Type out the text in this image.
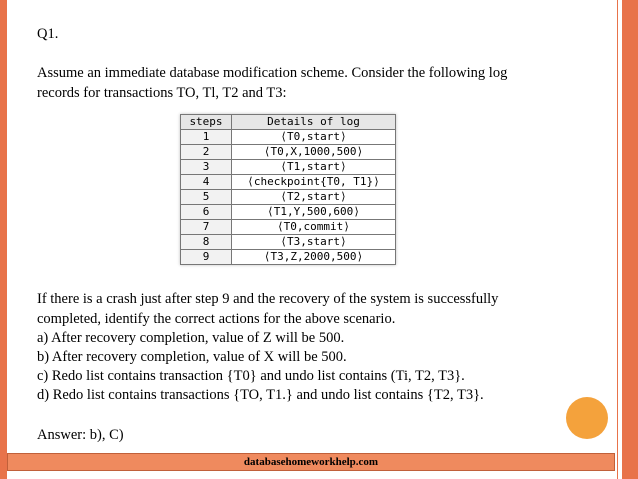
Q1.
Assume an immediate database modification scheme. Consider the following log
records for transactions TO, Tl, T2 and T3:
steps	Details of log
1	⟨T0,start⟩
2	⟨T0,X,1000,500⟩
3	⟨T1,start⟩
4	⟨checkpoint{T0, T1}⟩
5	⟨T2,start⟩
6	⟨T1,Y,500,600⟩
7	⟨T0,commit⟩
8	⟨T3,start⟩
9	⟨T3,Z,2000,500⟩
If there is a crash just after step 9 and the recovery of the system is successfully
completed, identify the correct actions for the above scenario.
a) After recovery completion, value of Z will be 500.
b) After recovery completion, value of X will be 500.
c) Redo list contains transaction {T0} and undo list contains (Ti, T2, T3}.
d) Redo list contains transactions {TO, T1.} and undo list contains {T2, T3}.
Answer: b), C)
databasehomeworkhelp.com
